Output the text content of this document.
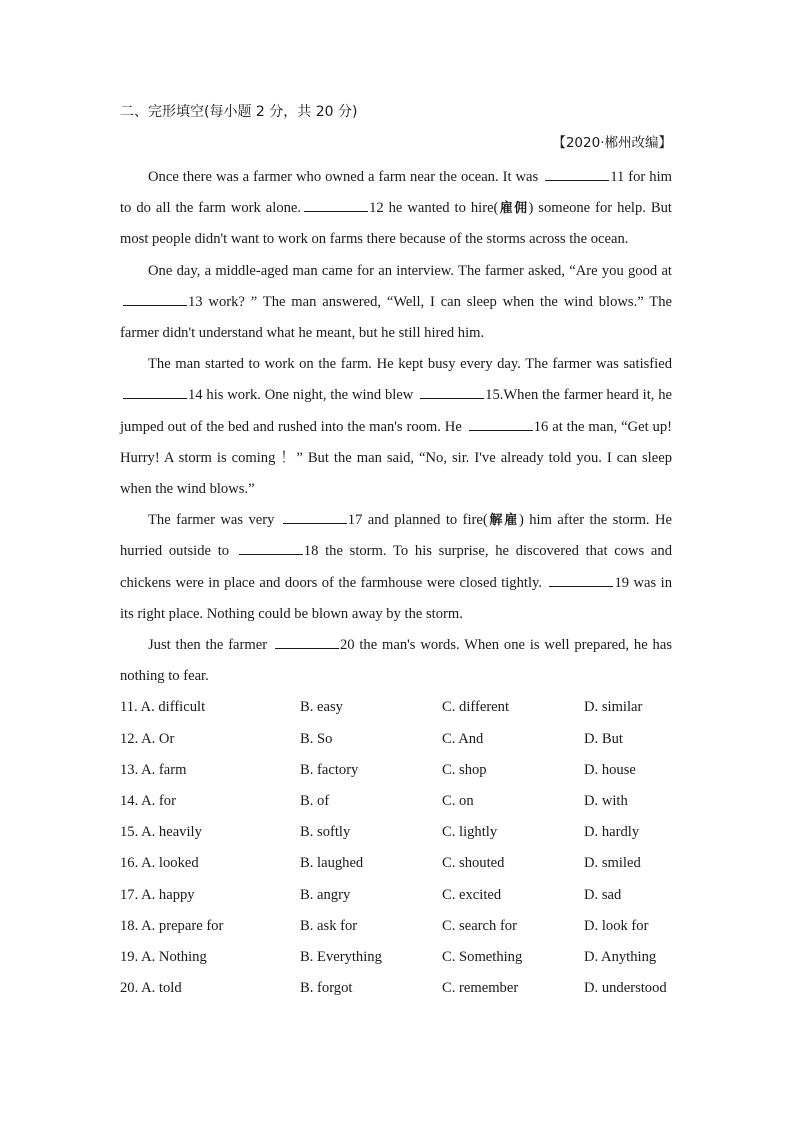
二、完形填空(每小题 2 分，共 20 分)

【2020·郴州改编】

Once there was a farmer who owned a farm near the ocean. It was	11 for him to do all the farm work alone.	12 he wanted to hire(雇佣) someone for help. But most people didn't want to work on farms there because of the storms across the ocean.

One day, a middle-aged man came for an interview. The farmer asked, “Are you good at 13 work? ” The man answered, “Well, I can sleep when the wind blows.” The farmer didn't understand what he meant, but he still hired him.

The man started to work on the farm. He kept busy every day. The farmer was satisfied 14 his work. One night, the wind blew	15.When the farmer heard it, he jumped out of the bed and rushed into the man's room. He	16 at the man, “Get up! Hurry! A storm is coming ！” But the man said, “No, sir. I've already told you. I can sleep when the wind blows.”

The farmer was very	17 and planned to fire(解雇) him after the storm. He hurried outside to	18 the storm. To his surprise, he discovered that cows and chickens were in place and doors of the farmhouse were closed tightly.	19 was in its right place. Nothing could be blown away by the storm.

Just then the farmer	20 the man's words. When one is well prepared, he has nothing to fear.

11. A. difficult	B. easy	C. different	D. similar
12. A. Or	B. So	C. And	D. But
13. A. farm	B. factory	C. shop	D. house
14. A. for	B. of	C. on	D. with
15. A. heavily	B. softly	C. lightly	D. hardly
16. A. looked	B. laughed	C. shouted	D. smiled
17. A. happy	B. angry	C. excited	D. sad
18. A. prepare for	B. ask for	C. search for	D. look for
19. A. Nothing	B. Everything	C. Something	D. Anything
20. A. told	B. forgot	C. remember	D. understood
